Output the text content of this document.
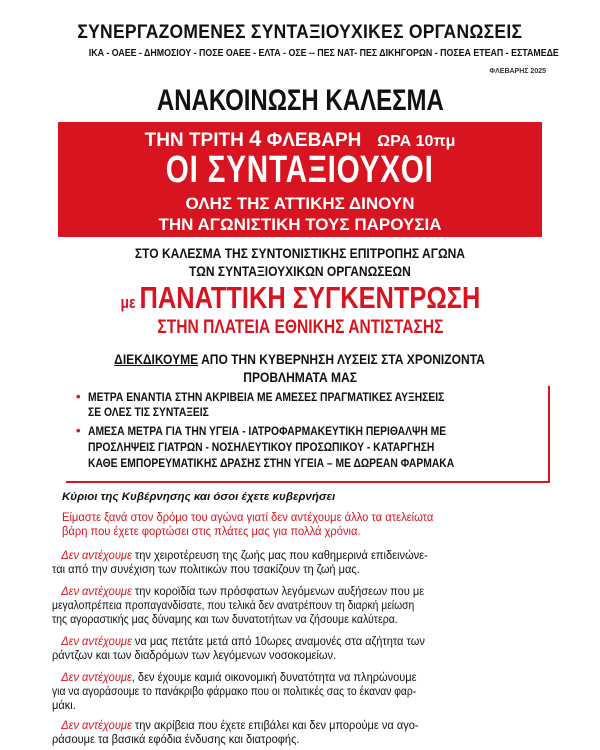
ΣΥΝΕΡΓΑΖΟΜΕΝΕΣ ΣΥΝΤΑΞΙΟΥΧΙΚΕΣ ΟΡΓΑΝΩΣΕΙΣ
ΙΚΑ - ΟΑΕΕ - ΔΗΜΟΣΙΟΥ - ΠΟΣΕ ΟΑΕΕ - ΕΛΤΑ - ΟΣΕ -- ΠΕΣ ΝΑΤ- ΠΕΣ ΔΙΚΗΓΟΡΩΝ - ΠΟΣΕΑ ΕΤΕΑΠ - ΕΣΤΑΜΕΔΕ
ΦΛΕΒΑΡΗΣ 2025
ΑΝΑΚΟΙΝΩΣΗ ΚΑΛΕΣΜΑ
ΤΗΝ ΤΡΙΤΗ 4 ΦΛΕΒΑΡΗ ΩΡΑ 10πμ
ΟΙ ΣΥΝΤΑΞΙΟΥΧΟΙ
ΟΛΗΣ ΤΗΣ ΑΤΤΙΚΗΣ ΔΙΝΟΥΝ
ΤΗΝ ΑΓΩΝΙΣΤΙΚΗ ΤΟΥΣ ΠΑΡΟΥΣΙΑ
ΣΤΟ ΚΑΛΕΣΜΑ ΤΗΣ ΣΥΝΤΟΝΙΣΤΙΚΗΣ ΕΠΙΤΡΟΠΗΣ ΑΓΩΝΑ
ΤΩΝ ΣΥΝΤΑΞΙΟΥΧΙΚΩΝ ΟΡΓΑΝΩΣΕΩΝ
με ΠΑΝΑΤΤΙΚΗ ΣΥΓΚΕΝΤΡΩΣΗ
ΣΤΗΝ ΠΛΑΤΕΙΑ ΕΘΝΙΚΗΣ ΑΝΤΙΣΤΑΣΗΣ
ΔΙΕΚΔΙΚΟΥΜΕ ΑΠΟ ΤΗΝ ΚΥΒΕΡΝΗΣΗ ΛΥΣΕΙΣ ΣΤΑ ΧΡΟΝΙΖΟΝΤΑ
ΠΡΟΒΛΗΜΑΤΑ ΜΑΣ
• ΜΕΤΡΑ ΕΝΑΝΤΙΑ ΣΤΗΝ ΑΚΡΙΒΕΙΑ ΜΕ ΑΜΕΣΕΣ ΠΡΑΓΜΑΤΙΚΕΣ ΑΥΞΗΣΕΙΣ
ΣΕ ΟΛΕΣ ΤΙΣ ΣΥΝΤΑΞΕΙΣ
• ΑΜΕΣΑ ΜΕΤΡΑ ΓΙΑ ΤΗΝ ΥΓΕΙΑ - ΙΑΤΡΟΦΑΡΜΑΚΕΥΤΙΚΗ ΠΕΡΙΘΑΛΨΗ ΜΕ
ΠΡΟΣΛΗΨΕΙΣ ΓΙΑΤΡΩΝ - ΝΟΣΗΛΕΥΤΙΚΟΥ ΠΡΟΣΩΠΙΚΟΥ - ΚΑΤΑΡΓΗΣΗ
ΚΑΘΕ ΕΜΠΟΡΕΥΜΑΤΙΚΗΣ ΔΡΑΣΗΣ ΣΤΗΝ ΥΓΕΙΑ – ΜΕ ΔΩΡΕΑΝ ΦΑΡΜΑΚΑ
Κύριοι της Κυβέρνησης και όσοι έχετε κυβερνήσει
Είμαστε ξανά στον δρόμο του αγώνα γιατί δεν αντέχουμε άλλο τα ατελείωτα
βάρη που έχετε φορτώσει στις πλάτες μας για πολλά χρόνια.
Δεν αντέχουμε την χειροτέρευση της ζωής μας που καθημερινά επιδεινώνε-
ται από την συνέχιση των πολιτικών που τσακίζουν τη ζωή μας.
Δεν αντέχουμε την κοροϊδία των πρόσφατων λεγόμενων αυξήσεων που με
μεγαλοπρέπεια προπαγανδίσατε, που τελικά δεν ανατρέπουν τη διαρκή μείωση
της αγοραστικής μας δύναμης και των δυνατοτήτων να ζήσουμε καλύτερα.
Δεν αντέχουμε να μας πετάτε μετά από 10ωρες αναμονές στα αζήτητα των
ράντζων και των διαδρόμων των λεγόμενων νοσοκομείων.
Δεν αντέχουμε, δεν έχουμε καμιά οικονομική δυνατότητα να πληρώνουμε
για να αγοράσουμε το πανάκριβο φάρμακο που οι πολιτικές σας το έκαναν φαρ-
μάκι.
Δεν αντέχουμε την ακρίβεια που έχετε επιβάλει και δεν μπορούμε να αγο-
ράσουμε τα βασικά εφόδια ένδυσης και διατροφής.
